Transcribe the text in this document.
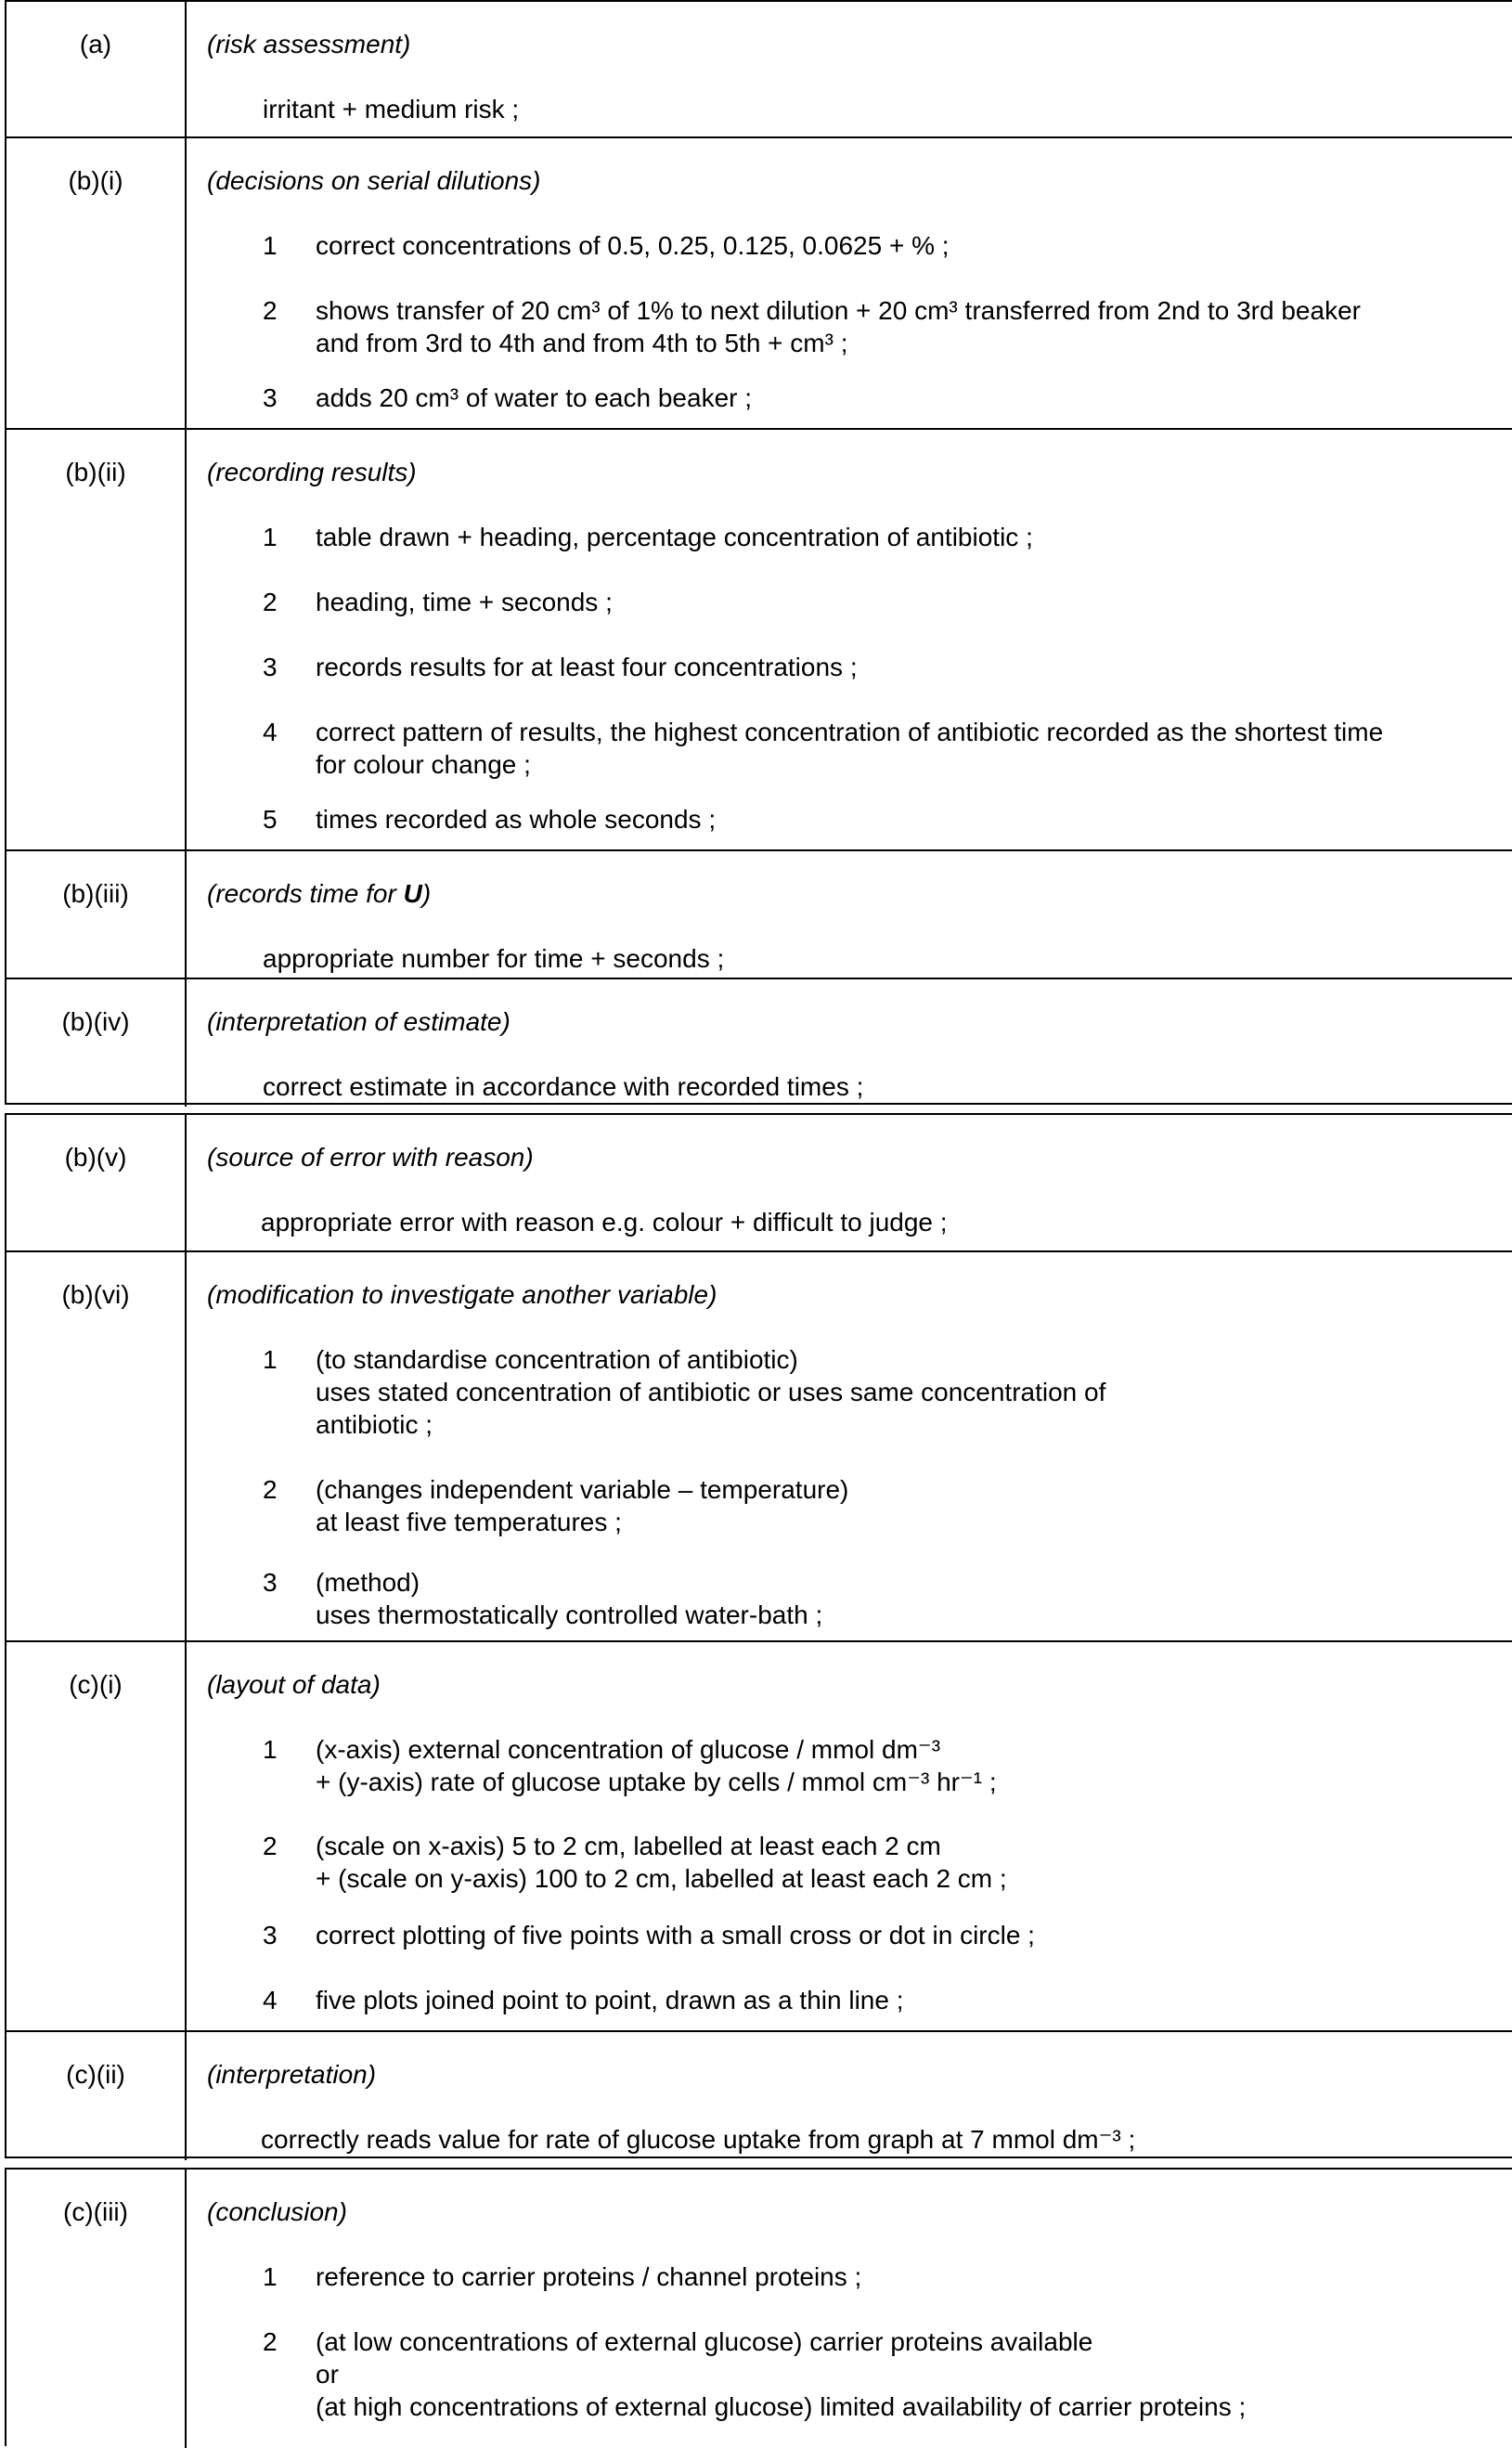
(a)	(risk assessment)
irritant + medium risk ;
(b)(i)	(decisions on serial dilutions)
1 correct concentrations of 0.5, 0.25, 0.125, 0.0625 + % ;
2 shows transfer of 20 cm³ of 1% to next dilution + 20 cm³ transferred from 2nd to 3rd beaker
and from 3rd to 4th and from 4th to 5th + cm³ ;
3 adds 20 cm³ of water to each beaker ;
(b)(ii)	(recording results)
1 table drawn + heading, percentage concentration of antibiotic ;
2 heading, time + seconds ;
3 records results for at least four concentrations ;
4 correct pattern of results, the highest concentration of antibiotic recorded as the shortest time
for colour change ;
5 times recorded as whole seconds ;
(b)(iii)	(records time for U)
appropriate number for time + seconds ;
(b)(iv)	(interpretation of estimate)
correct estimate in accordance with recorded times ;
(b)(v)	(source of error with reason)
appropriate error with reason e.g. colour + difficult to judge ;
(b)(vi)	(modification to investigate another variable)
1 (to standardise concentration of antibiotic)
uses stated concentration of antibiotic or uses same concentration of
antibiotic ;
2 (changes independent variable – temperature)
at least five temperatures ;
3 (method)
uses thermostatically controlled water-bath ;
(c)(i)	(layout of data)
1 (x-axis) external concentration of glucose / mmol dm⁻³
+ (y-axis) rate of glucose uptake by cells / mmol cm⁻³ hr⁻¹ ;
2 (scale on x-axis) 5 to 2 cm, labelled at least each 2 cm
+ (scale on y-axis) 100 to 2 cm, labelled at least each 2 cm ;
3 correct plotting of five points with a small cross or dot in circle ;
4 five plots joined point to point, drawn as a thin line ;
(c)(ii)	(interpretation)
correctly reads value for rate of glucose uptake from graph at 7 mmol dm⁻³ ;
(c)(iii)	(conclusion)
1 reference to carrier proteins / channel proteins ;
2 (at low concentrations of external glucose) carrier proteins available
or
(at high concentrations of external glucose) limited availability of carrier proteins ;
